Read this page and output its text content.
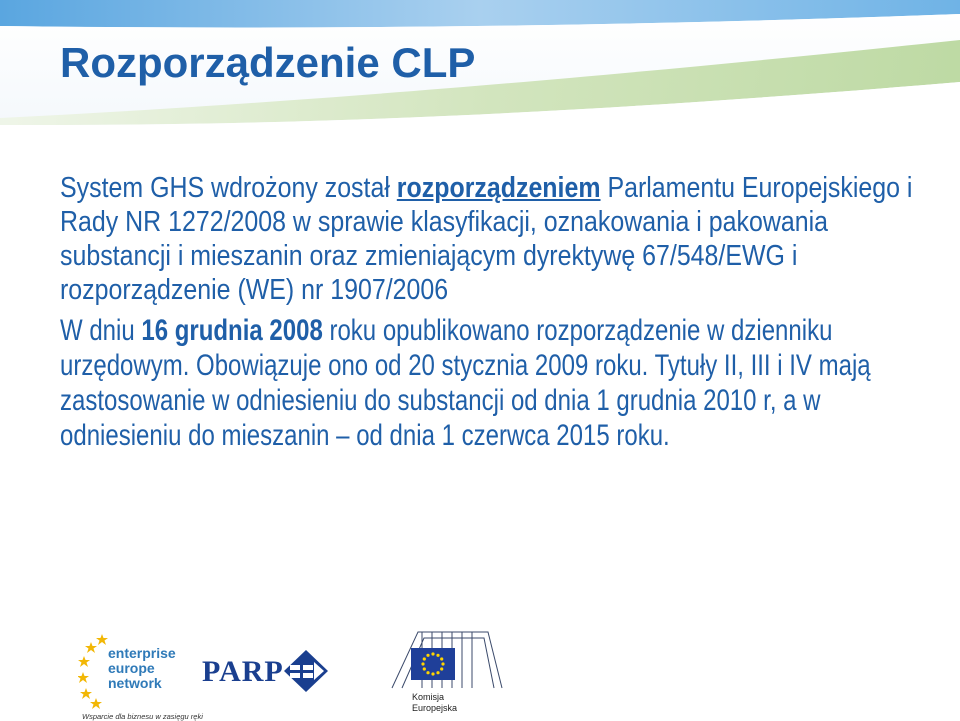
Rozporządzenie CLP

System GHS wdrożony został rozporządzeniem Parlamentu Europejskiego i Rady NR 1272/2008 w sprawie klasyfikacji, oznakowania i pakowania substancji i mieszanin oraz zmieniającym dyrektywę 67/548/EWG i rozporządzenie (WE) nr 1907/2006

W dniu 16 grudnia 2008 roku opublikowano rozporządzenie w dzienniku urzędowym. Obowiązuje ono od 20 stycznia 2009 roku. Tytuły II, III i IV mają zastosowanie w odniesieniu do substancji od dnia 1 grudnia 2010 r, a w odniesieniu do mieszanin – od dnia 1 czerwca 2015 roku.

enterprise
europe
network
Wsparcie dla biznesu w zasięgu ręki
PARP
Komisja
Europejska
